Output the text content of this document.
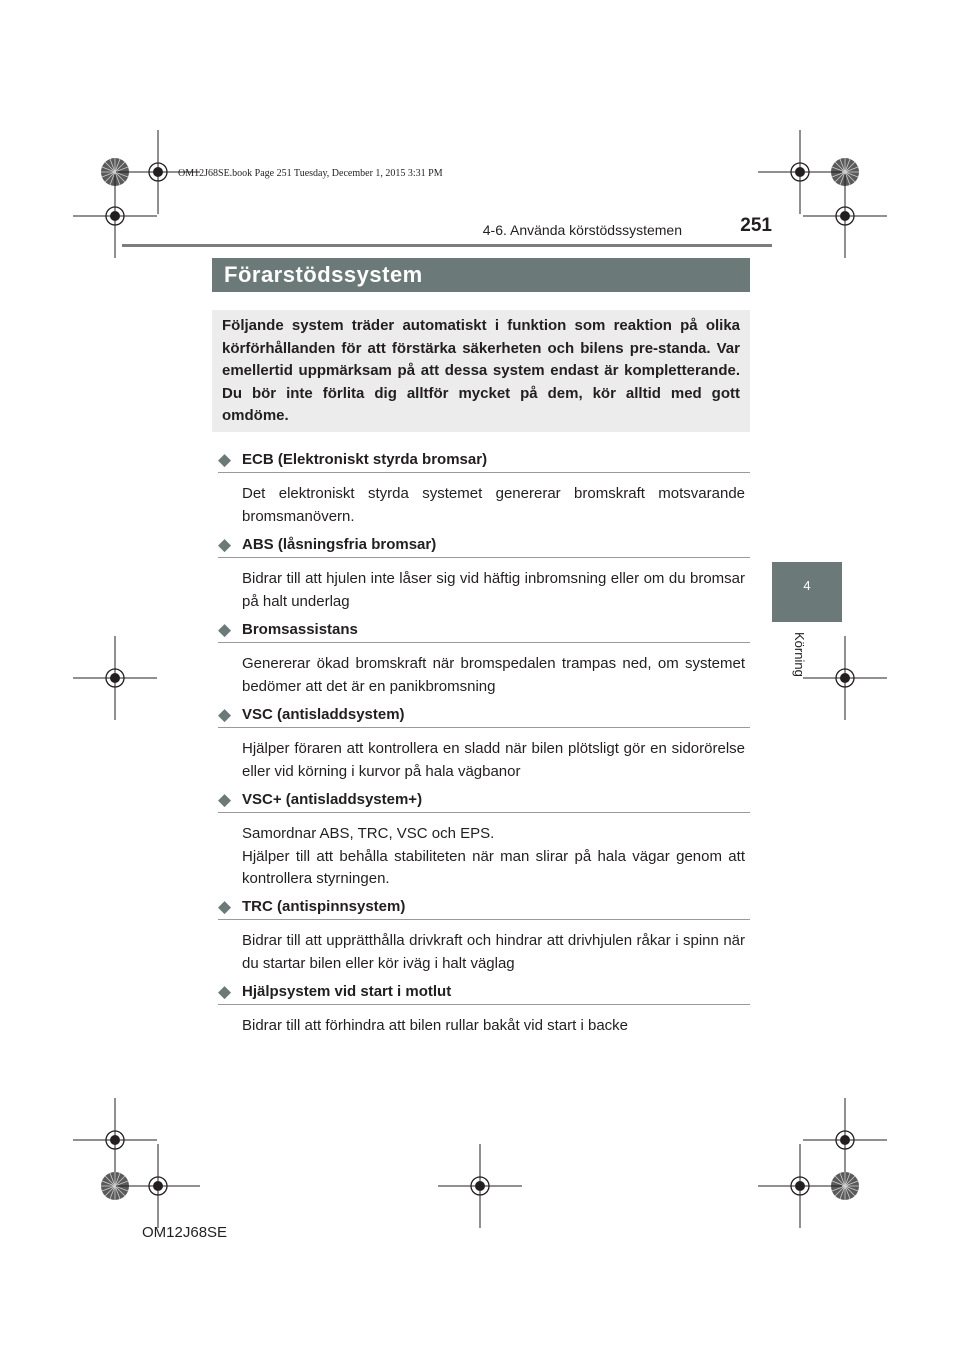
OM12J68SE.book Page 251 Tuesday, December 1, 2015 3:31 PM
4-6. Använda körstödssystemen	251
4
Körning
Förarstödssystem

Följande system träder automatiskt i funktion som reaktion på olika körförhållanden för att förstärka säkerheten och bilens pre-standa. Var emellertid uppmärksam på att dessa system endast är kompletterande. Du bör inte förlita dig alltför mycket på dem, kör alltid med gott omdöme.

◆ ECB (Elektroniskt styrda bromsar)

Det elektroniskt styrda systemet genererar bromskraft motsvarande bromsmanövern.

◆ ABS (låsningsfria bromsar)

Bidrar till att hjulen inte låser sig vid häftig inbromsning eller om du bromsar på halt underlag

◆ Bromsassistans

Genererar ökad bromskraft när bromspedalen trampas ned, om systemet bedömer att det är en panikbromsning

◆ VSC (antisladdsystem)

Hjälper föraren att kontrollera en sladd när bilen plötsligt gör en sidorörelse eller vid körning i kurvor på hala vägbanor

◆ VSC+ (antisladdsystem+)

Samordnar ABS, TRC, VSC och EPS.

Hjälper till att behålla stabiliteten när man slirar på hala vägar genom att kontrollera styrningen.

◆ TRC (antispinnsystem)

Bidrar till att upprätthålla drivkraft och hindrar att drivhjulen råkar i spinn när du startar bilen eller kör iväg i halt väglag

◆ Hjälpsystem vid start i motlut

Bidrar till att förhindra att bilen rullar bakåt vid start i backe

OM12J68SE
